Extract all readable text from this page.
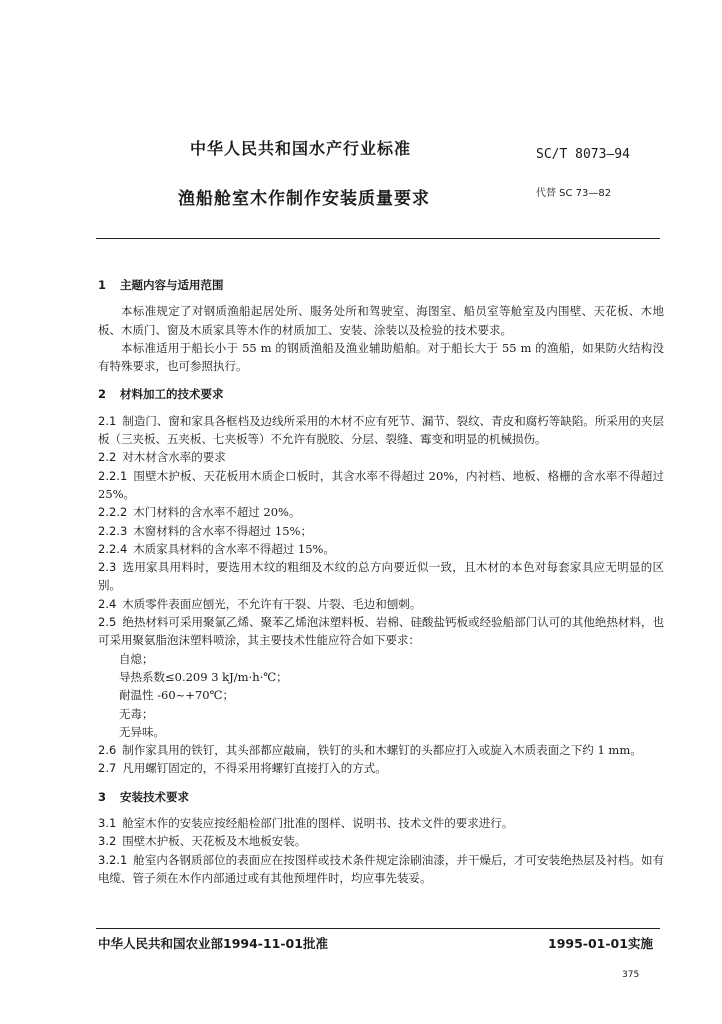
中华人民共和国水产行业标准	SC/T 8073—94
渔船舱室木作制作安装质量要求	代替 SC 73—82
1 主题内容与适用范围

本标准规定了对钢质渔船起居处所、服务处所和驾驶室、海图室、船员室等舱室及内围壁、天花板、木地板、木质门、窗及木质家具等木作的材质加工、安装、涂装以及检验的技术要求。

本标准适用于船长小于 55 m 的钢质渔船及渔业辅助船舶。对于船长大于 55 m 的渔船，如果防火结构没有特殊要求，也可参照执行。

2 材料加工的技术要求

2.1 制造门、窗和家具各框档及边线所采用的木材不应有死节、漏节、裂纹、青皮和腐朽等缺陷。所采用的夹层板（三夹板、五夹板、七夹板等）不允许有脱胶、分层、裂缝、霉变和明显的机械损伤。

2.2 对木材含水率的要求

2.2.1 围壁木护板、天花板用木质企口板时，其含水率不得超过 20%，内衬档、地板、格栅的含水率不得超过 25%。

2.2.2 木门材料的含水率不超过 20%。

2.2.3 木窗材料的含水率不得超过 15%；

2.2.4 木质家具材料的含水率不得超过 15%。

2.3 选用家具用料时，要选用木纹的粗细及木纹的总方向要近似一致，且木材的本色对每套家具应无明显的区别。

2.4 木质零件表面应刨光，不允许有干裂、片裂、毛边和刨刺。

2.5 绝热材料可采用聚氯乙烯、聚苯乙烯泡沫塑料板、岩棉、硅酸盐钙板或经验船部门认可的其他绝热材料，也可采用聚氨脂泡沫塑料喷涂，其主要技术性能应符合如下要求：

自熄；

导热系数≤0.209 3 kJ/m·h·℃；

耐温性 -60~+70℃；

无毒；

无异味。

2.6 制作家具用的铁钉，其头部都应敲扁，铁钉的头和木螺钉的头都应打入或旋入木质表面之下约 1 mm。

2.7 凡用螺钉固定的，不得采用将螺钉直接打入的方式。

3 安装技术要求

3.1 舱室木作的安装应按经船检部门批准的图样、说明书、技术文件的要求进行。

3.2 围壁木护板、天花板及木地板安装。

3.2.1 舱室内各钢质部位的表面应在按图样或技术条件规定涂刷油漆，并干燥后，才可安装绝热层及衬档。如有电缆、管子须在木作内部通过或有其他预埋件时，均应事先装妥。

中华人民共和国农业部1994-11-01批准	1995-01-01实施
375
